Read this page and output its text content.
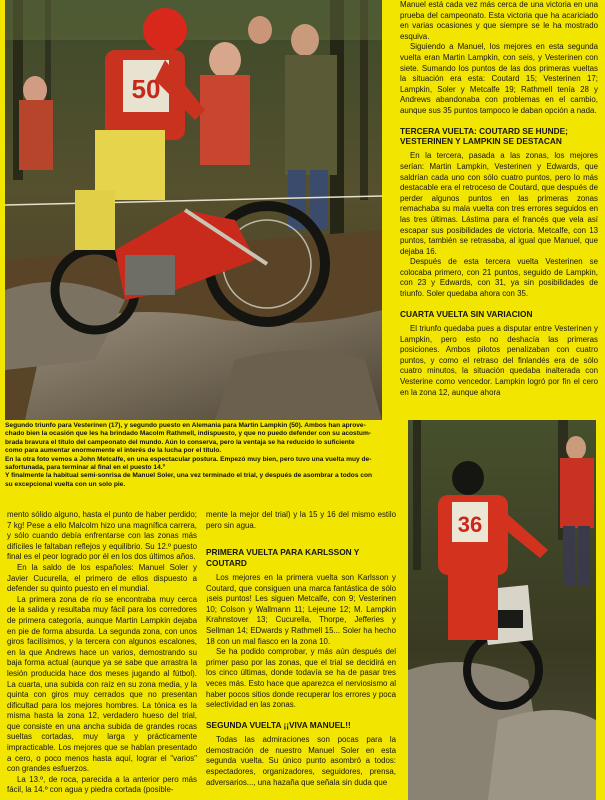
50

Segundo triunfo para Vesterinen (17), y segundo puesto en Alemania para Martin Lampkin (50). Ambos han aprove-

chado bien la ocasión que les ha brindado Macolm Rathmell, indispuesto, y que no puedo defender con su acostum-

brada bravura el título del campeonato del mundo. Aún lo conserva, pero la ventaja se ha reducido lo suficiente

como para aumentar enormemente el interés de la lucha por el título.

En la otra foto vemos a John Metcalfe, en una espectacular postura. Empezó muy bien, pero tuvo una vuelta muy de-

safortunada, para terminar al final en el puesto 14.º

Y finalmente la habitual semi-sonrisa de Manuel Soler, una vez terminado el trial, y después de asombrar a todos con

su excepcional vuelta con un solo pie.

Manuel está cada vez más cerca de una victoria en una prueba del campeonato. Esta victoria que ha acariciado en varias ocasiones y que siempre se le ha mostrado esquiva.

Siguiendo a Manuel, los mejores en esta segunda vuelta eran Martin Lampkin, con seis, y Vesterinen con siete. Sumando los puntos de las dos primeras vueltas la situación era esta: Coutard 15; Vesterinen 17; Lampkin, Soler y Metcalfe 19; Rathmell tenía 28 y Andrews abandonaba con problemas en el cambio, aunque sus 35 puntos tampoco le daban opción a nada.

TERCERA VUELTA: COUTARD SE HUNDE; VESTERINEN Y LAMPKIN SE DESTACAN

En la tercera, pasada a las zonas, los mejores serían: Martin Lampkin, Vesterinen y Edwards, que saldrían cada uno con sólo cuatro puntos, pero lo más destacable era el retroceso de Coutard, que después de perder algunos puntos en las primeras zonas remachaba su mala vuelta con tres errores seguidos en las tres últimas. Lástima para el francés que vela así escapar sus posibilidades de victoria. Metcalfe, con 13 puntos, también se retrasaba, al igual que Manuel, que dejaba 16.

Después de esta tercera vuelta Vesterinen se colocaba primero, con 21 puntos, seguido de Lampkin, con 23 y Edwards, con 31, ya sin posibilidades de triunfo. Soler quedaba ahora con 35.

CUARTA VUELTA SIN VARIACION

El triunfo quedaba pues a disputar entre Vesterinen y Lampkin, pero esto no deshacía las primeras posiciones. Ambos pilotos penalizaban con cuatro puntos, y como el retraso del finlandés era de sólo cuatro minutos, la situación quedaba inalterada con Vesterine como vencedor. Lampkin logró por fin el cero en la zona 12, aunque ahora

36

mento sólido alguno, hasta el punto de haber perdido; 7 kg! Pese a ello Malcolm hizo una magnífica carrera, y sólo cuando debía enfrentarse con las zonas más difíciles le faltaban reflejos y equilibrio. Su 12.º puesto final es el peor logrado por él en los dos últimos años.

En la saldo de los españoles: Manuel Soler y Javier Cucurella, el primero de ellos dispuesto a defender su quinto puesto en el mundial.

La primera zona de río se encontraba muy cerca de la salida y resultaba muy fácil para los corredores de primera categoría, aunque Martin Lampkin dejaba en pie de forma absurda. La segunda zona, con unos giros facilísimos, y la tercera con algunos escalones, en la que Andrews hace un varios, demostrando su baja forma actual (aunque ya se sabe que arrastra la lesión producida hace dos meses jugando al fútbol). La cuarta, una subida con raíz en su zona media, y la quinta con giros muy cerrados que no presentan dificultad para los mejores hombres. La tónica es la misma hasta la zona 12, verdadero hueso del trial, que consiste en una ancha subida de grandes rocas sueltas cortadas, muy larga y prácticamente impracticable. Los mejores que se hablan presentado a cero, o poco menos hasta aquí, lograr el "varios" con grandes esfuerzos.

La 13.º, de roca, parecida a la anterior pero más fácil, la 14.º con agua y piedra cortada (posible-

mente la mejor del trial) y la 15 y 16 del mismo estilo pero sin agua.

PRIMERA VUELTA PARA KARLSSON Y COUTARD

Los mejores en la primera vuelta son Karlsson y Coutard, que consiguen una marca fantástica de sólo ¡seis puntos! Les siguen Metcalfe, con 9; Vesterinen 10; Colson y Wallmann 11; Lejeune 12; M. Lampkin Krahnstover 13; Cucurella, Thorpe, Jefferies y Sellman 14; EDwards y Rathmell 15... Soler ha hecho 18 con un mal fiasco en la zona 10.

Se ha podido comprobar, y más aún después del primer paso por las zonas, que el trial se decidirá en los cinco últimas, donde todavía se ha de pasar tres veces más. Esto hace que aparezca el nerviosismo al haber pocos sitios donde recuperar los errores y poca selectividad en las zonas.

SEGUNDA VUELTA ¡¡VIVA MANUEL!!

Todas las admiraciones son pocas para la demostración de nuestro Manuel Soler en esta segunda vuelta. Su único punto asombró a todos: espectadores, organizadores, seguidores, prensa, adversarios..., una hazaña que señala sin duda que
